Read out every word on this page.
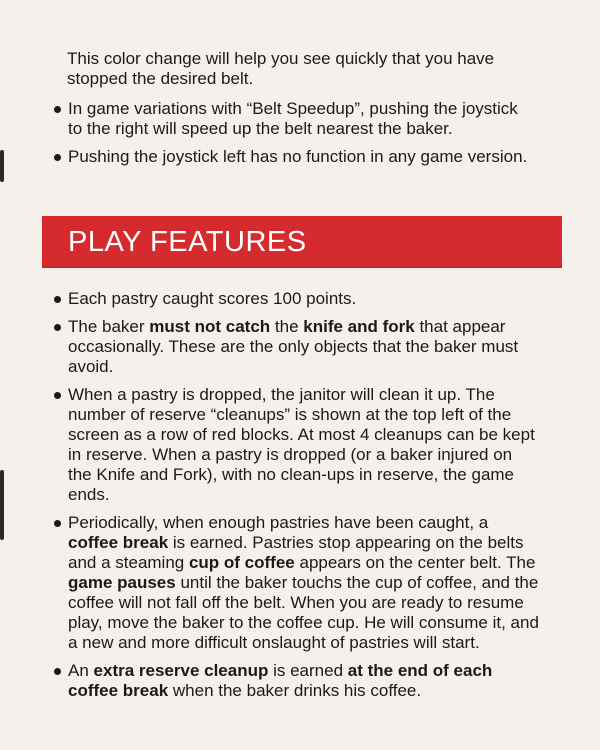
This color change will help you see quickly that you have stopped the desired belt.

In game variations with “Belt Speedup”, pushing the joystick to the right will speed up the belt nearest the baker.
Pushing the joystick left has no function in any game version.
PLAY FEATURES
Each pastry caught scores 100 points.
The baker must not catch the knife and fork that appear occasionally. These are the only objects that the baker must avoid.
When a pastry is dropped, the janitor will clean it up. The number of reserve “cleanups” is shown at the top left of the screen as a row of red blocks. At most 4 cleanups can be kept in reserve. When a pastry is dropped (or a baker injured on the Knife and Fork), with no clean-ups in reserve, the game ends.
Periodically, when enough pastries have been caught, a coffee break is earned. Pastries stop appearing on the belts and a steaming cup of coffee appears on the center belt. The game pauses until the baker touchs the cup of coffee, and the coffee will not fall off the belt. When you are ready to resume play, move the baker to the coffee cup. He will consume it, and a new and more difficult onslaught of pastries will start.
An extra reserve cleanup is earned at the end of each coffee break when the baker drinks his coffee.
